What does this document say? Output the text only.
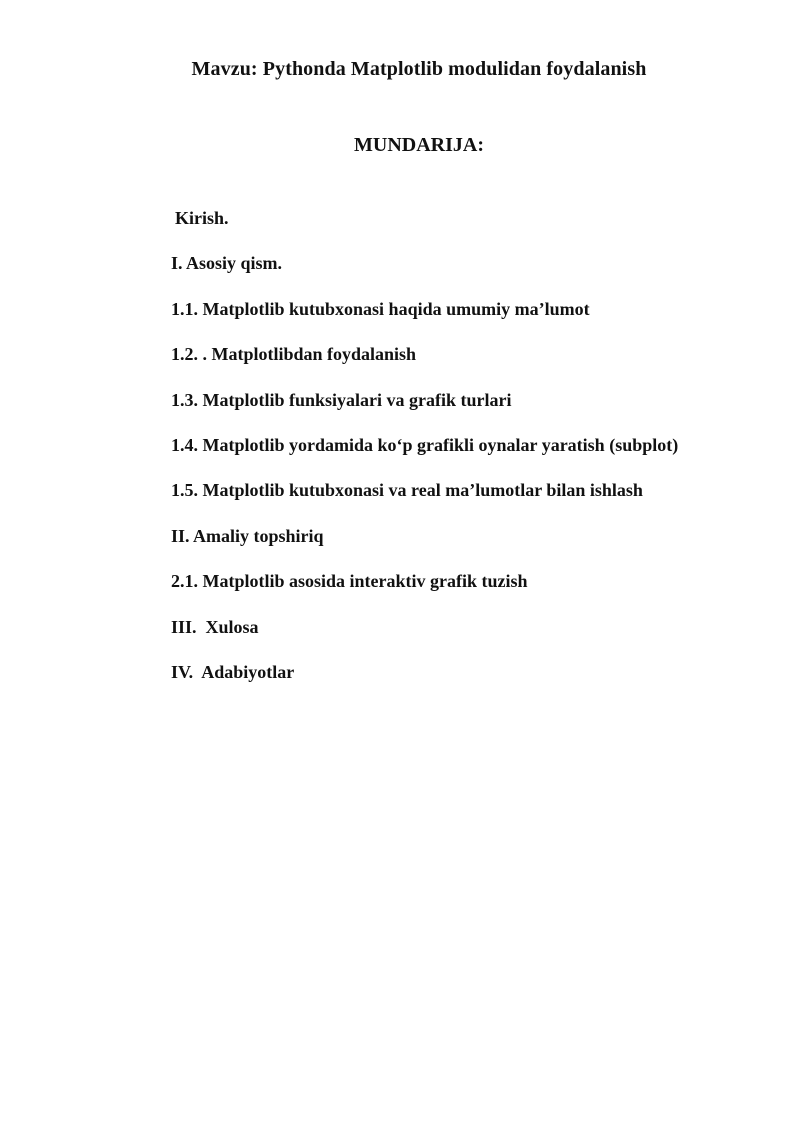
Mavzu: Pythonda Matplotlib modulidan foydalanish
MUNDARIJA:
Kirish.
I. Asosiy qism.
1.1. Matplotlib kutubxonasi haqida umumiy ma’lumot
1.2. . Matplotlibdan foydalanish
1.3. Matplotlib funksiyalari va grafik turlari
1.4. Matplotlib yordamida ko‘p grafikli oynalar yaratish (subplot)
1.5. Matplotlib kutubxonasi va real ma’lumotlar bilan ishlash
II. Amaliy topshiriq
2.1. Matplotlib asosida interaktiv grafik tuzish
III.  Xulosa
IV.  Adabiyotlar
